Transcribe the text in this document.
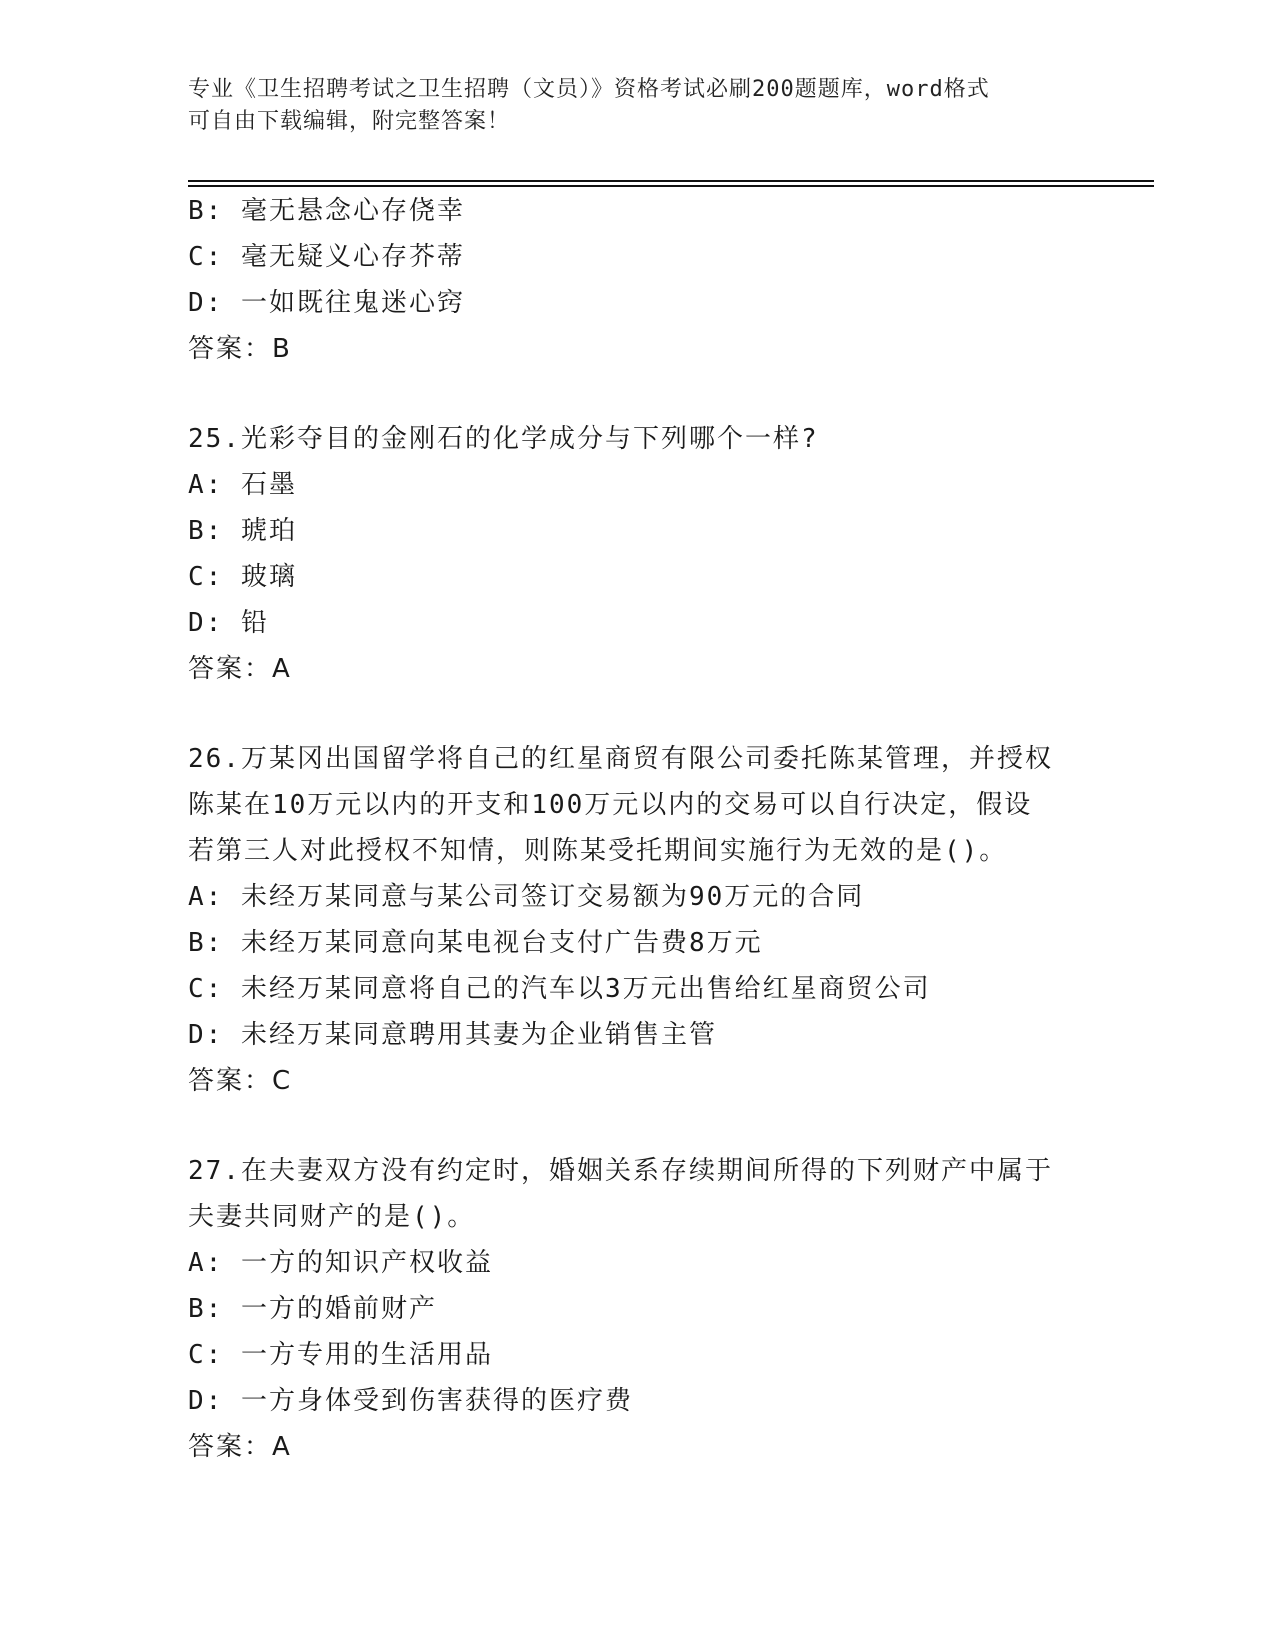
专业《卫生招聘考试之卫生招聘（文员）》资格考试必刷200题题库，word格式

可自由下载编辑，附完整答案！

B: 毫无悬念心存侥幸
C: 毫无疑义心存芥蒂
D: 一如既往鬼迷心窍
答案：B
25.光彩夺目的金刚石的化学成分与下列哪个一样?
A: 石墨
B: 琥珀
C: 玻璃
D: 铅
答案：A
26.万某冈出国留学将自己的红星商贸有限公司委托陈某管理，并授权
陈某在10万元以内的开支和100万元以内的交易可以自行决定，假设
若第三人对此授权不知情，则陈某受托期间实施行为无效的是()。
A: 未经万某同意与某公司签订交易额为90万元的合同
B: 未经万某同意向某电视台支付广告费8万元
C: 未经万某同意将自己的汽车以3万元出售给红星商贸公司
D: 未经万某同意聘用其妻为企业销售主管
答案：C
27.在夫妻双方没有约定时，婚姻关系存续期间所得的下列财产中属于
夫妻共同财产的是()。
A: 一方的知识产权收益
B: 一方的婚前财产
C: 一方专用的生活用品
D: 一方身体受到伤害获得的医疗费
答案：A
